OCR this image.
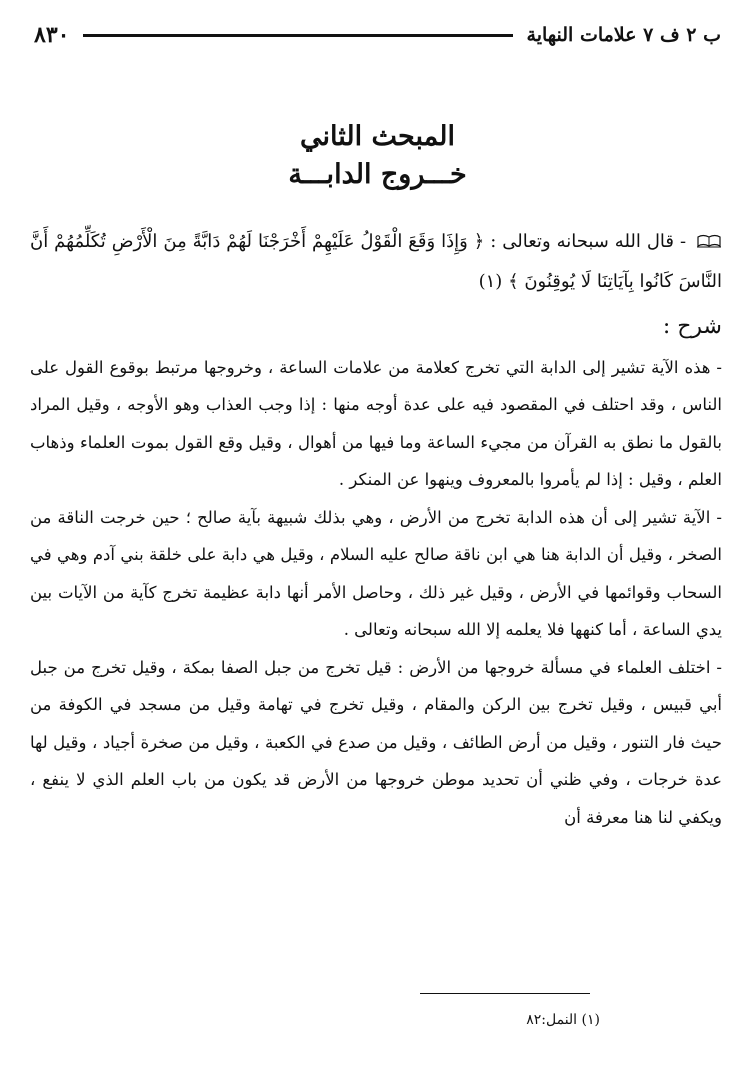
ب ٢ ف ٧ علامات النهاية
٨٣٠
المبحث الثاني
خـــروج الدابـــة

- قال الله سبحانه وتعالى : ﴿ وَإِذَا وَقَعَ الْقَوْلُ عَلَيْهِمْ أَخْرَجْنَا لَهُمْ دَابَّةً مِنَ الْأَرْضِ تُكَلِّمُهُمْ أَنَّ النَّاسَ كَانُوا بِآيَاتِنَا لَا يُوقِنُونَ ﴾ (١)

شرح :

- هذه الآية تشير إلى الدابة التي تخرج كعلامة من علامات الساعة ، وخروجها مرتبط بوقوع القول على الناس ، وقد احتلف في المقصود فيه على عدة أوجه منها : إذا وجب العذاب وهو الأوجه ، وقيل المراد بالقول ما نطق به القرآن من مجيء الساعة وما فيها من أهوال ، وقيل وقع القول بموت العلماء وذهاب العلم ، وقيل : إذا لم يأمروا بالمعروف وينهوا عن المنكر .

- الآية تشير إلى أن هذه الدابة تخرج من الأرض ، وهي بذلك شبيهة بآية صالح ؛ حين خرجت الناقة من الصخر ، وقيل أن الدابة هنا هي ابن ناقة صالح عليه السلام ، وقيل هي دابة على خلقة بني آدم وهي في السحاب وقوائمها في الأرض ، وقيل غير ذلك ، وحاصل الأمر أنها دابة عظيمة تخرج كآية من الآيات بين يدي الساعة ، أما كنهها فلا يعلمه إلا الله سبحانه وتعالى .

- اختلف العلماء في مسألة خروجها من الأرض : قيل تخرج من جبل الصفا بمكة ، وقيل تخرج من جبل أبي قبيس ، وقيل تخرج بين الركن والمقام ، وقيل تخرج في تهامة وقيل من مسجد في الكوفة من حيث فار التنور ، وقيل من أرض الطائف ، وقيل من صدع في الكعبة ، وقيل من صخرة أجياد ، وقيل لها عدة خرجات ، وفي ظني أن تحديد موطن خروجها من الأرض قد يكون من باب العلم الذي لا ينفع ، ويكفي لنا هنا معرفة أن

(١) النمل:٨٢
